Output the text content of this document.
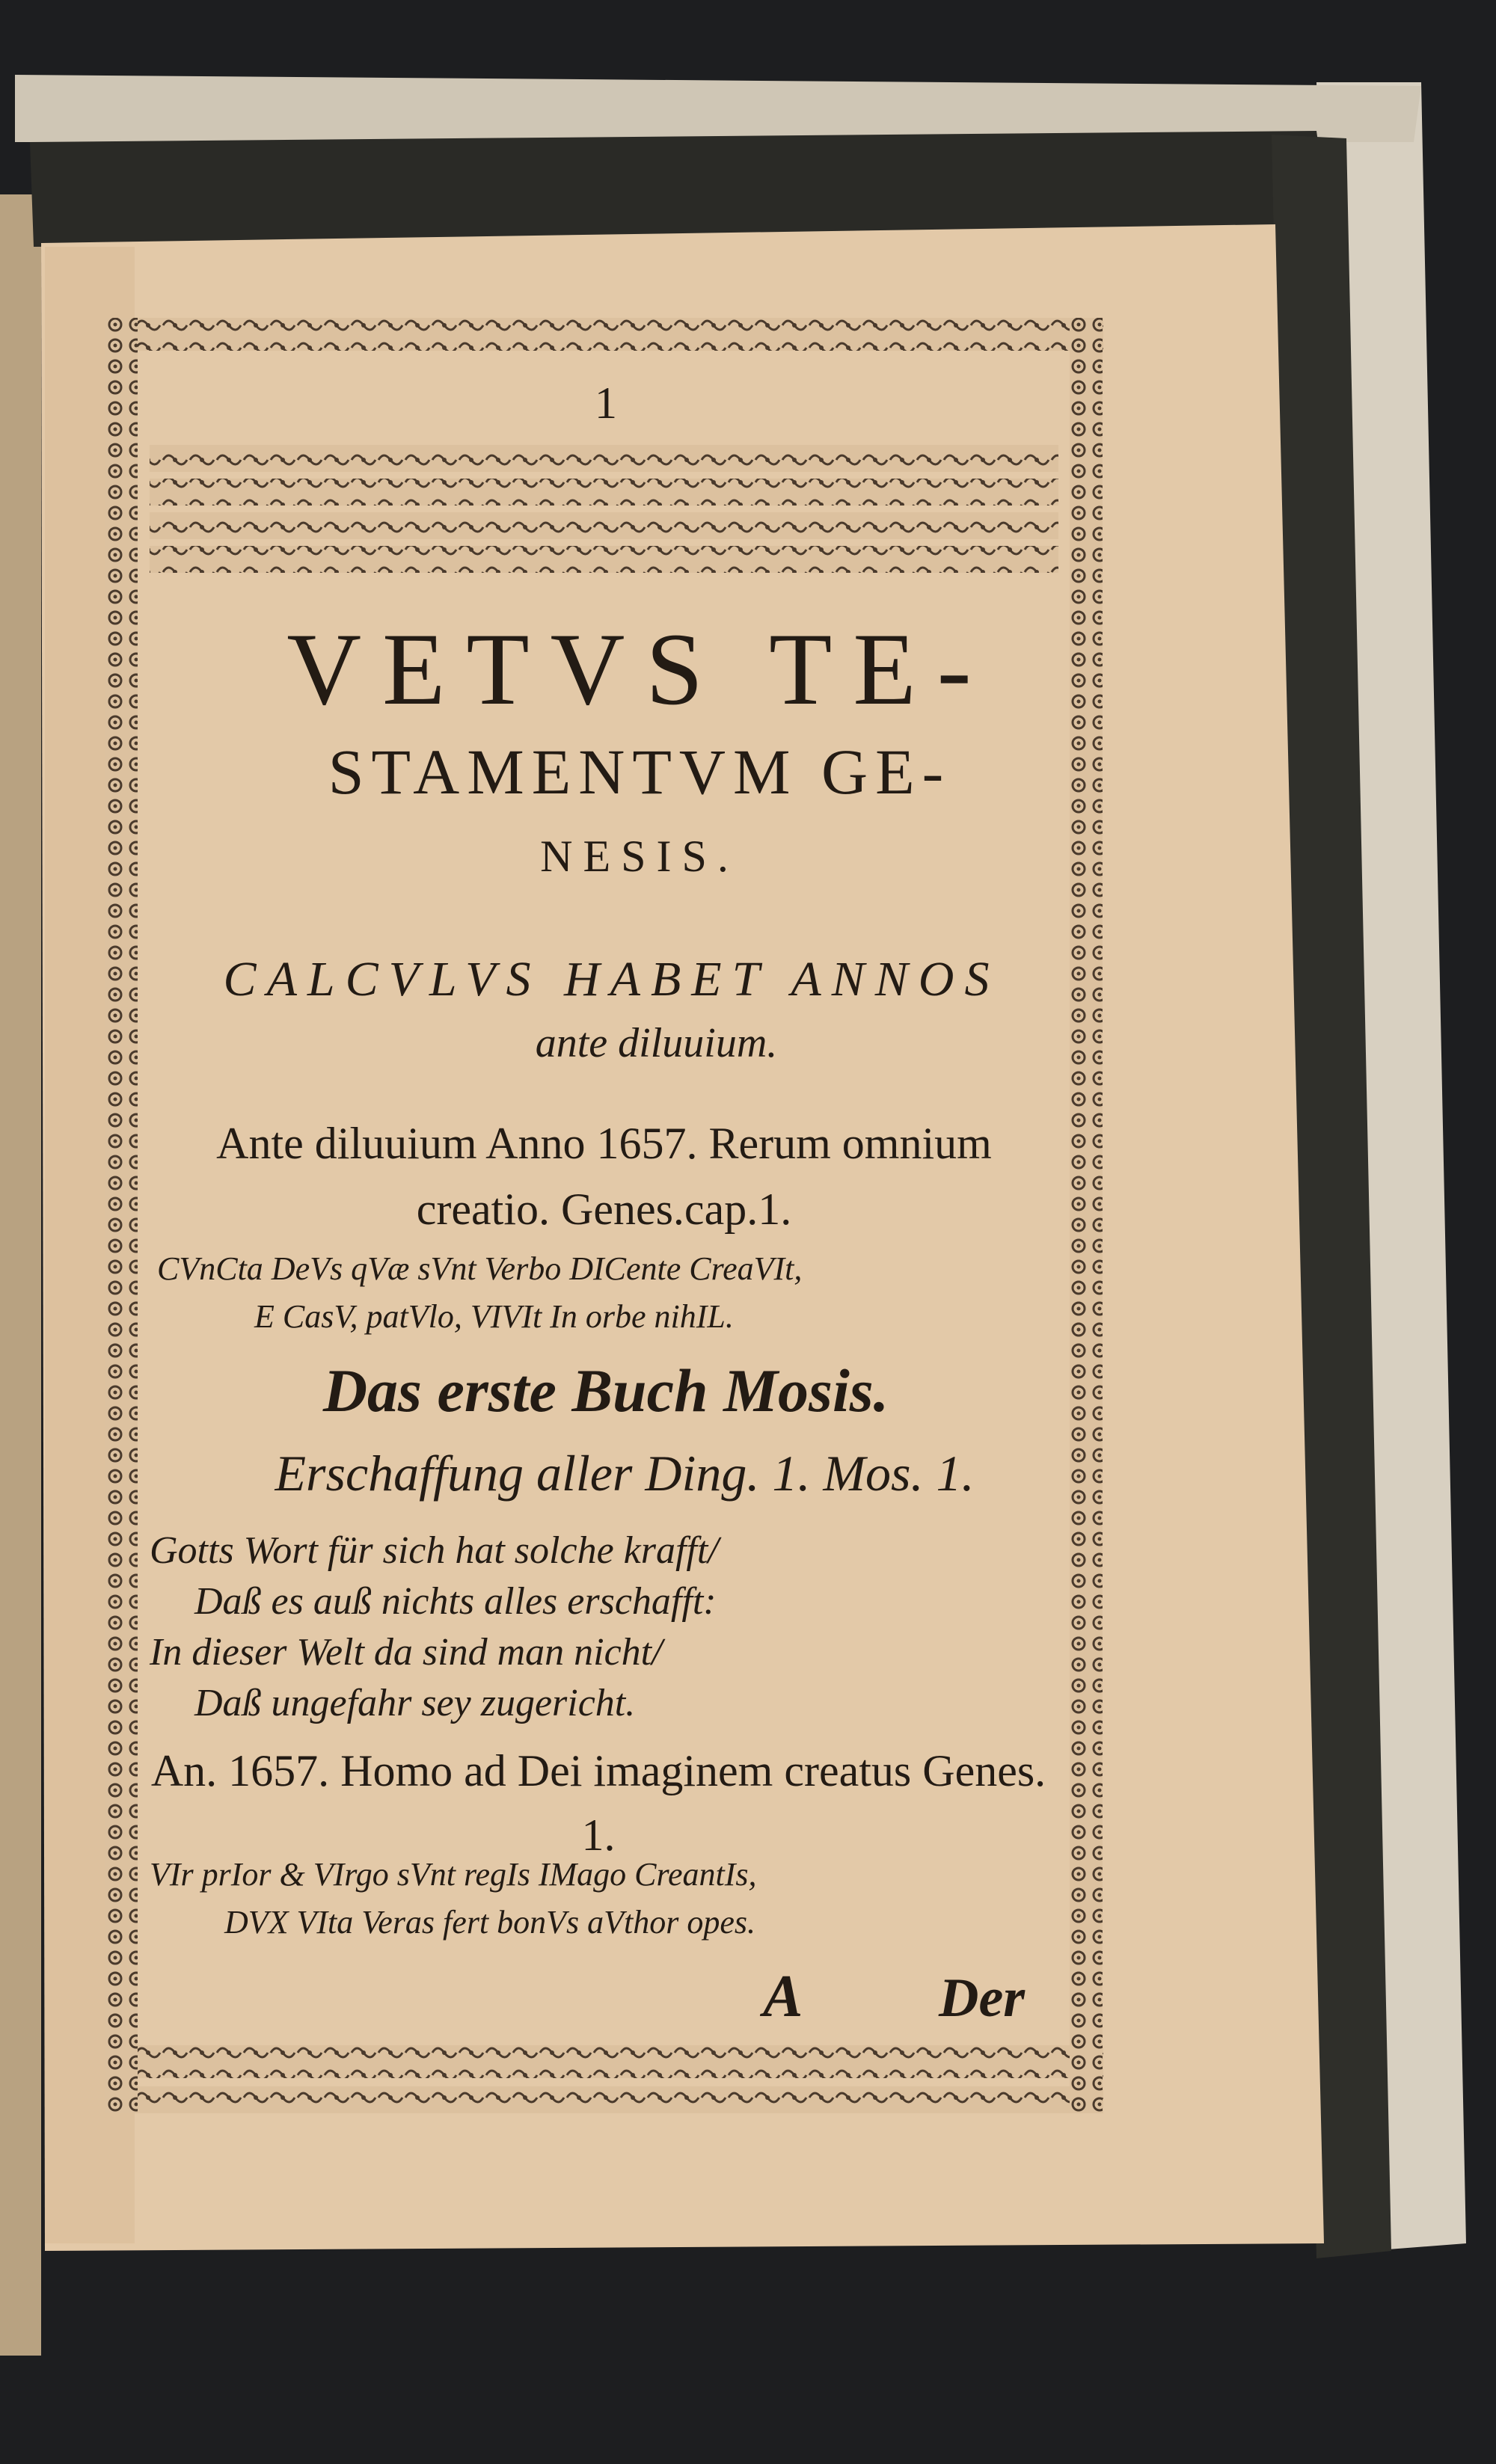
1
VETVS TE-
STAMENTVM GE-
NESIS.
CALCVLVS HABET ANNOS
ante diluuium.
Ante diluuium Anno 1657. Rerum omnium creatio. Genes.cap.1.
CVnCta DeVs qVæ sVnt Verbo DICente CreaVIt,
E CasV, patVlo, VIVIt In orbe nihIL.
Das erste Buch Mosis.
Erschaffung aller Ding. 1. Mos. 1.
Gotts Wort für sich hat solche krafft/
Daß es auß nichts alles erschafft:
In dieser Welt da sind man nicht/
Daß ungefahr sey zugericht.
An. 1657. Homo ad Dei imaginem creatus Genes. 1.
VIr prIor & VIrgo sVnt regIs IMago CreantIs,
DVX VIta Veras fert bonVs aVthor opes.
A	Der
